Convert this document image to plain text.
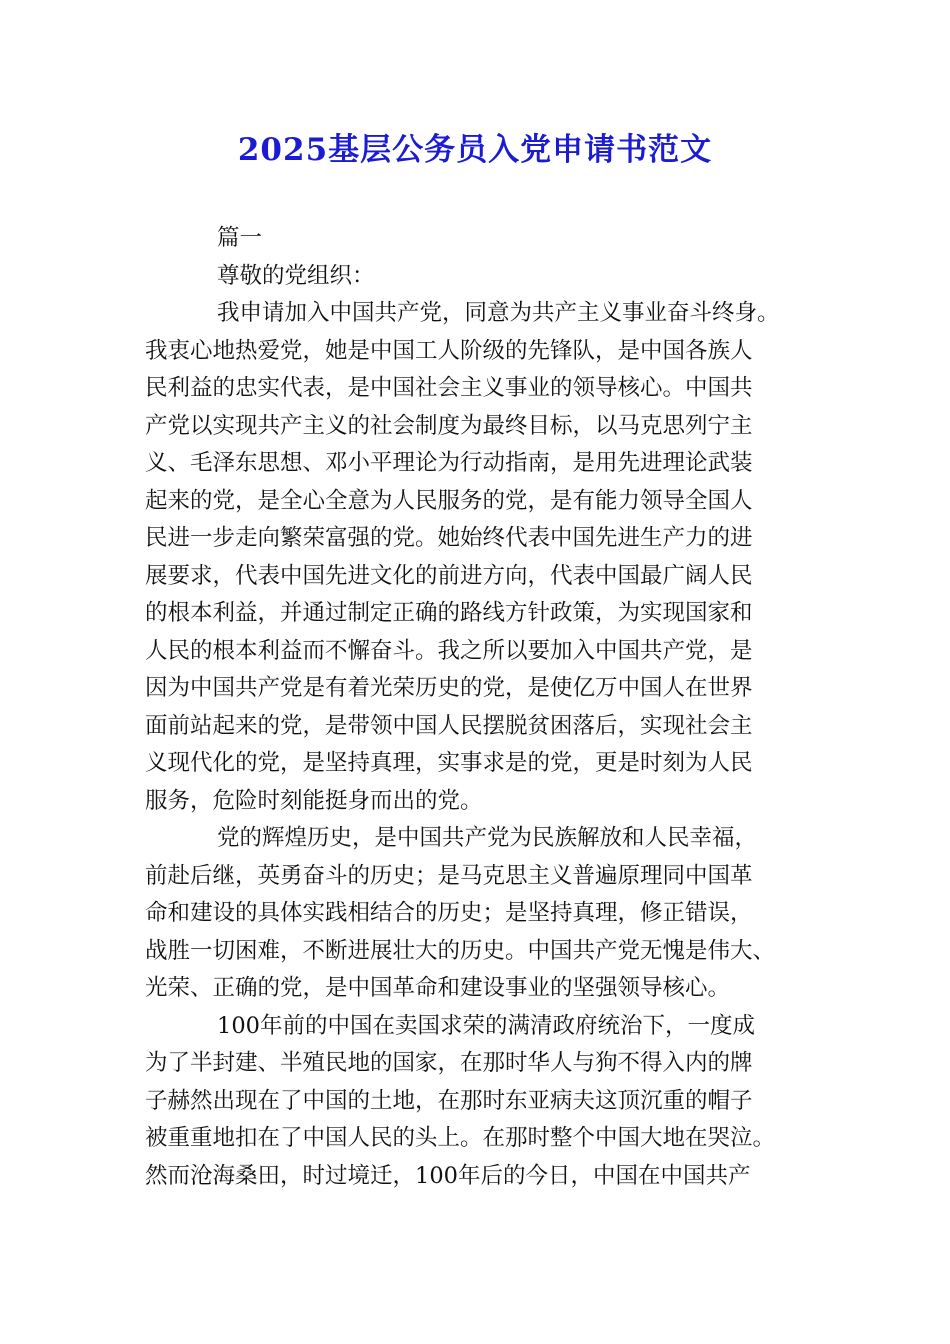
2025基层公务员入党申请书范文
篇一
尊敬的党组织：
我申请加入中国共产党，同意为共产主义事业奋斗终身。
我衷心地热爱党，她是中国工人阶级的先锋队，是中国各族人
民利益的忠实代表，是中国社会主义事业的领导核心。中国共
产党以实现共产主义的社会制度为最终目标，以马克思列宁主
义、毛泽东思想、邓小平理论为行动指南，是用先进理论武装
起来的党，是全心全意为人民服务的党，是有能力领导全国人
民进一步走向繁荣富强的党。她始终代表中国先进生产力的进
展要求，代表中国先进文化的前进方向，代表中国最广阔人民
的根本利益，并通过制定正确的路线方针政策，为实现国家和
人民的根本利益而不懈奋斗。我之所以要加入中国共产党，是
因为中国共产党是有着光荣历史的党，是使亿万中国人在世界
面前站起来的党，是带领中国人民摆脱贫困落后，实现社会主
义现代化的党，是坚持真理，实事求是的党，更是时刻为人民
服务，危险时刻能挺身而出的党。
党的辉煌历史，是中国共产党为民族解放和人民幸福，
前赴后继，英勇奋斗的历史；是马克思主义普遍原理同中国革
命和建设的具体实践相结合的历史；是坚持真理，修正错误，
战胜一切困难，不断进展壮大的历史。中国共产党无愧是伟大、
光荣、正确的党，是中国革命和建设事业的坚强领导核心。
100年前的中国在卖国求荣的满清政府统治下，一度成
为了半封建、半殖民地的国家，在那时华人与狗不得入内的牌
子赫然出现在了中国的土地，在那时东亚病夫这顶沉重的帽子
被重重地扣在了中国人民的头上。在那时整个中国大地在哭泣。
然而沧海桑田，时过境迁，100年后的今日，中国在中国共产
